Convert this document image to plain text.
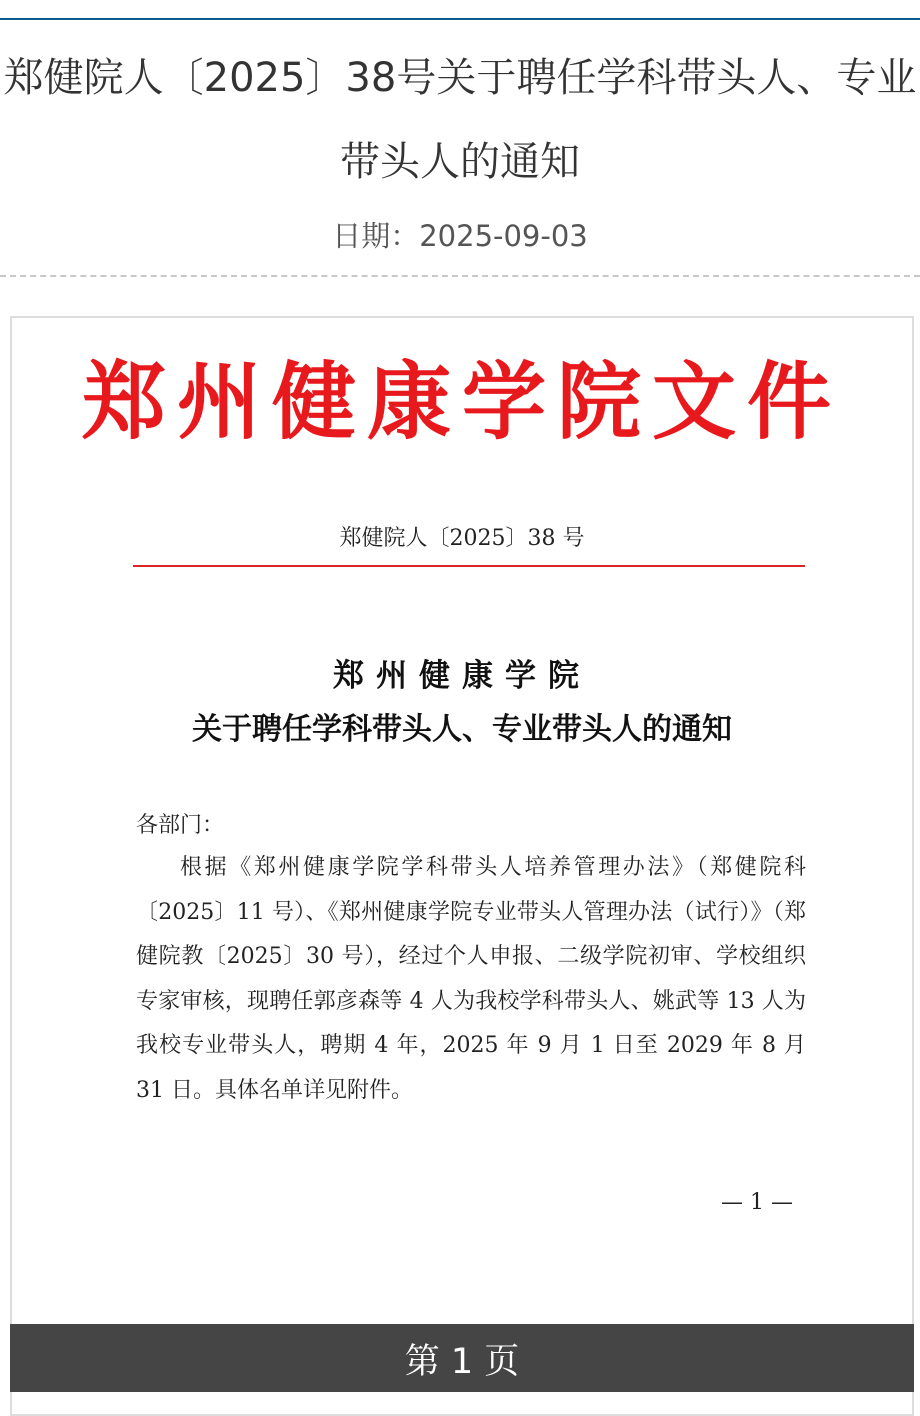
郑健院人〔2025〕38号关于聘任学科带头人、专业带头人的通知
日期：2025-09-03
郑州健康学院文件
郑健院人〔2025〕38 号
郑州健康学院
关于聘任学科带头人、专业带头人的通知
各部门：

根据《郑州健康学院学科带头人培养管理办法》（郑健院科〔2025〕11 号）、《郑州健康学院专业带头人管理办法（试行）》（郑健院教〔2025〕30 号），经过个人申报、二级学院初审、学校组织专家审核，现聘任郭彦森等 4 人为我校学科带头人、姚武等 13 人为我校专业带头人，聘期 4 年，2025 年 9 月 1 日至 2029 年 8 月 31 日。具体名单详见附件。

— 1 —
第 1 页
